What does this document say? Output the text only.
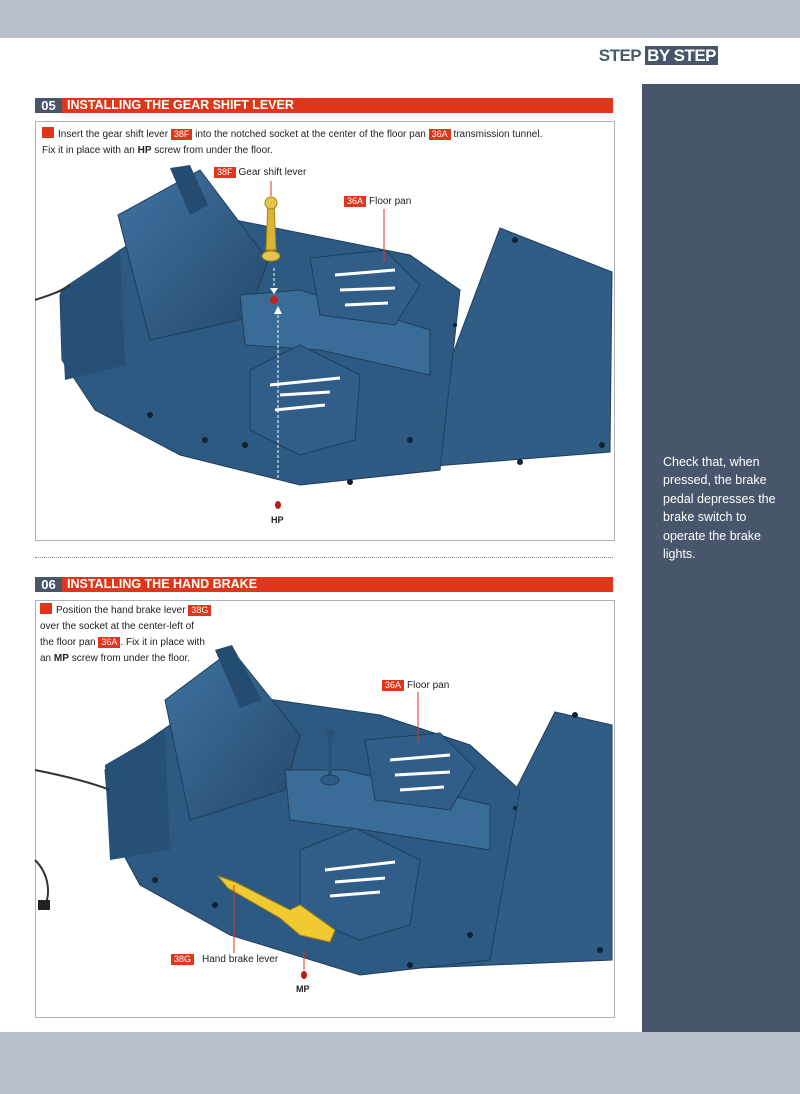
STEP BY STEP
05 INSTALLING THE GEAR SHIFT LEVER
Insert the gear shift lever 38F into the notched socket at the center of the floor pan 36A transmission tunnel.
Fix it in place with an HP screw from under the floor.
38F Gear shift lever
36A Floor pan
HP
06 INSTALLING THE HAND BRAKE
Position the hand brake lever 38G
over the socket at the center-left of
the floor pan 36A . Fix it in place with
an MP screw from under the floor.
36A Floor pan
38G Hand brake lever
MP
Check that, when pressed, the brake pedal depresses the brake switch to operate the brake lights.
